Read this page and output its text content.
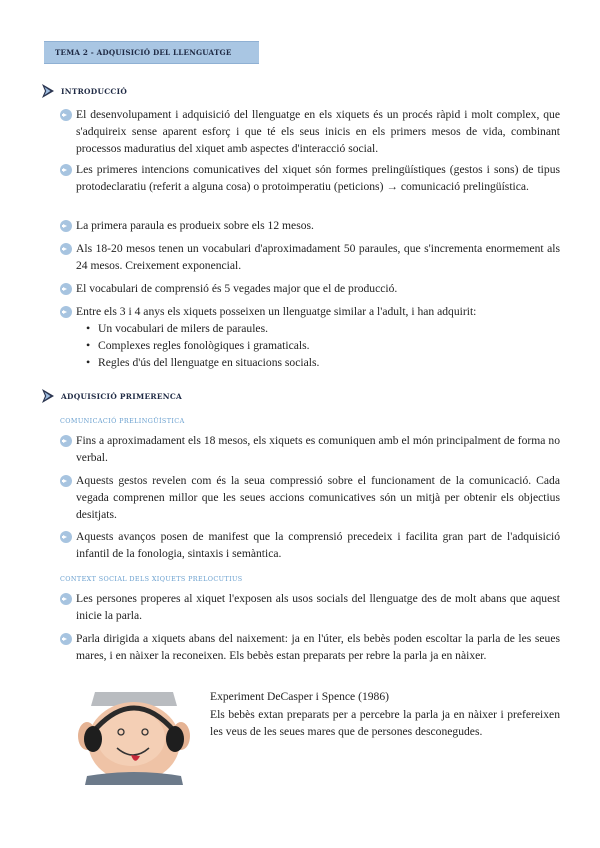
TEMA 2 - ADQUISICIÓ DEL LLENGUATGE
INTRODUCCIÓ
El desenvolupament i adquisició del llenguatge en els xiquets és un procés ràpid i molt complex, que s'adquireix sense aparent esforç i que té els seus inicis en els primers mesos de vida, combinant processos maduratius del xiquet amb aspectes d'interacció social.
Les primeres intencions comunicatives del xiquet són formes prelingüístiques (gestos i sons) de tipus protodeclaratiu (referit a alguna cosa) o protoimperatiu (peticions) → comunicació prelingüística.
La primera paraula es produeix sobre els 12 mesos.
Als 18-20 mesos tenen un vocabulari d'aproximadament 50 paraules, que s'incrementa enormement als 24 mesos. Creixement exponencial.
El vocabulari de comprensió és 5 vegades major que el de producció.
Entre els 3 i 4 anys els xiquets posseixen un llenguatge similar a l'adult, i han adquirit:
• Un vocabulari de milers de paraules.
• Complexes regles fonològiques i gramaticals.
• Regles d'ús del llenguatge en situacions socials.
ADQUISICIÓ PRIMERENCA
COMUNICACIÓ PRELINGÜÍSTICA
Fins a aproximadament els 18 mesos, els xiquets es comuniquen amb el món principalment de forma no verbal.
Aquests gestos revelen com és la seua compressió sobre el funcionament de la comunicació. Cada vegada comprenen millor que les seues accions comunicatives són un mitjà per obtenir els objectius desitjats.
Aquests avanços posen de manifest que la comprensió precedeix i facilita gran part de l'adquisició infantil de la fonologia, sintaxis i semàntica.
CONTEXT SOCIAL DELS XIQUETS PRELOCUTIUS
Les persones properes al xiquet l'exposen als usos socials del llenguatge des de molt abans que aquest inicie la parla.
Parla dirigida a xiquets abans del naixement: ja en l'úter, els bebès poden escoltar la parla de les seues mares, i en nàixer la reconeixen. Els bebès estan preparats per rebre la parla ja en nàixer.
Experiment DeCasper i Spence (1986)
Els bebès extan preparats per a percebre la parla ja en nàixer i prefereixen les veus de les seues mares que de persones desconegudes.
